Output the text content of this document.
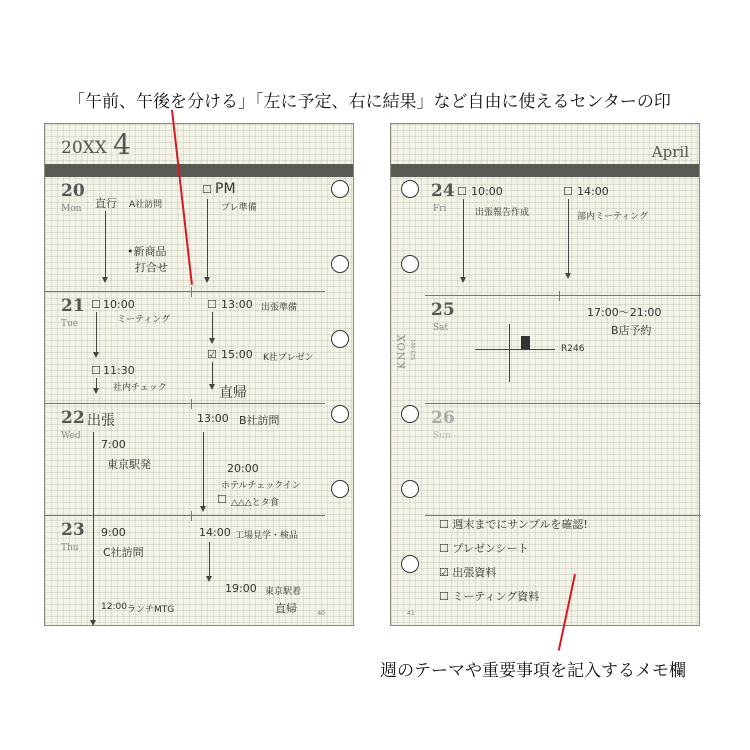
「午前、午後を分ける」「左に予定、右に結果」など自由に使えるセンターの印
週のテーマや重要事項を記入するメモ欄
20XX 4
20
Mon 直行 A社訪問
•新商品
打合せ
☐ PM
プレ準備
21
Tue
☐ 10:00
ミーティング
☐ 11:30
社内チェック
☐ 13:00 出張準備
☑ 15:00 K社プレゼン
直帰
22
Wed
出張	13:00 B社訪問
7:00
東京駅発	20:00
ホテルチェックイン
☐ △△△とタ食
23
Thu
9:00
C社訪問
14:00 工場見学・検品
19:00 東京駅着
直帰
12:00 ランチMTG	40
April
KNOX 523-001
24
Fri
☐ 10:00
出張報告作成
☐ 14:00
部内ミーティング
25
Sat
17:00〜21:00
B店予約
R246
26
Sun
☐ 週末までにサンプルを確認!
☐ プレゼンシート
☑ 出張資料
☐ ミーティング資料
41
